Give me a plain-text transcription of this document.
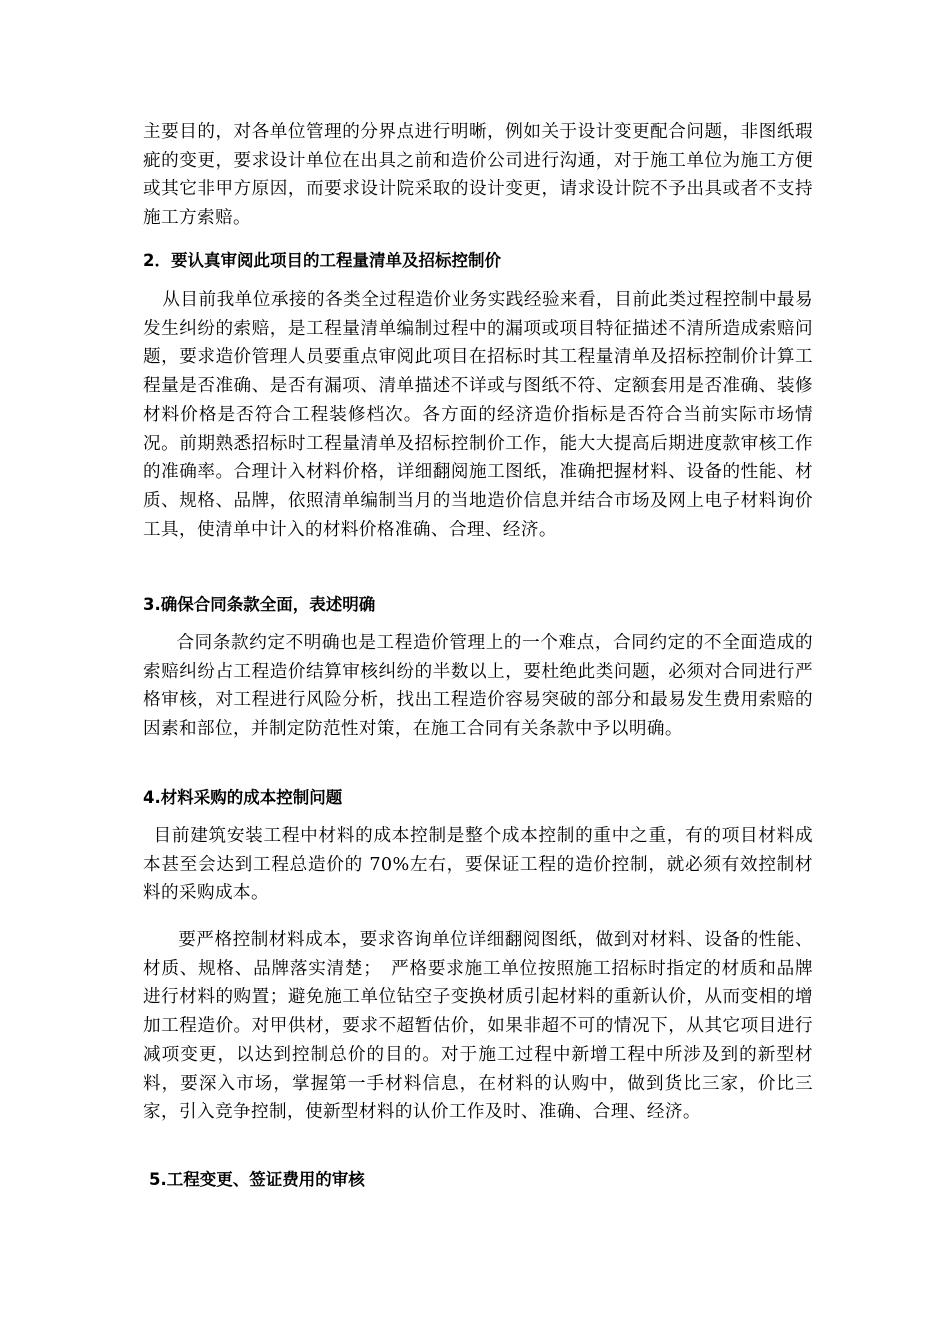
主要目的，对各单位管理的分界点进行明晰，例如关于设计变更配合问题，非图纸瑕疵的变更，要求设计单位在出具之前和造价公司进行沟通，对于施工单位为施工方便或其它非甲方原因，而要求设计院采取的设计变更，请求设计院不予出具或者不支持施工方索赔。

2．要认真审阅此项目的工程量清单及招标控制价

从目前我单位承接的各类全过程造价业务实践经验来看，目前此类过程控制中最易发生纠纷的索赔，是工程量清单编制过程中的漏项或项目特征描述不清所造成索赔问题，要求造价管理人员要重点审阅此项目在招标时其工程量清单及招标控制价计算工程量是否准确、是否有漏项、清单描述不详或与图纸不符、定额套用是否准确、装修材料价格是否符合工程装修档次。各方面的经济造价指标是否符合当前实际市场情况。前期熟悉招标时工程量清单及招标控制价工作，能大大提高后期进度款审核工作的准确率。合理计入材料价格，详细翻阅施工图纸，准确把握材料、设备的性能、材质、规格、品牌，依照清单编制当月的当地造价信息并结合市场及网上电子材料询价工具，使清单中计入的材料价格准确、合理、经济。

3.确保合同条款全面，表述明确

合同条款约定不明确也是工程造价管理上的一个难点，合同约定的不全面造成的索赔纠纷占工程造价结算审核纠纷的半数以上，要杜绝此类问题，必须对合同进行严格审核，对工程进行风险分析，找出工程造价容易突破的部分和最易发生费用索赔的因素和部位，并制定防范性对策，在施工合同有关条款中予以明确。

4.材料采购的成本控制问题

目前建筑安装工程中材料的成本控制是整个成本控制的重中之重，有的项目材料成本甚至会达到工程总造价的 70%左右，要保证工程的造价控制，就必须有效控制材料的采购成本。

要严格控制材料成本，要求咨询单位详细翻阅图纸，做到对材料、设备的性能、材质、规格、品牌落实清楚；　严格要求施工单位按照施工招标时指定的材质和品牌进行材料的购置；避免施工单位钻空子变换材质引起材料的重新认价，从而变相的增加工程造价。对甲供材，要求不超暂估价，如果非超不可的情况下，从其它项目进行减项变更，以达到控制总价的目的。对于施工过程中新增工程中所涉及到的新型材料，要深入市场，掌握第一手材料信息，在材料的认购中，做到货比三家，价比三家，引入竞争控制，使新型材料的认价工作及时、准确、合理、经济。

5.工程变更、签证费用的审核
